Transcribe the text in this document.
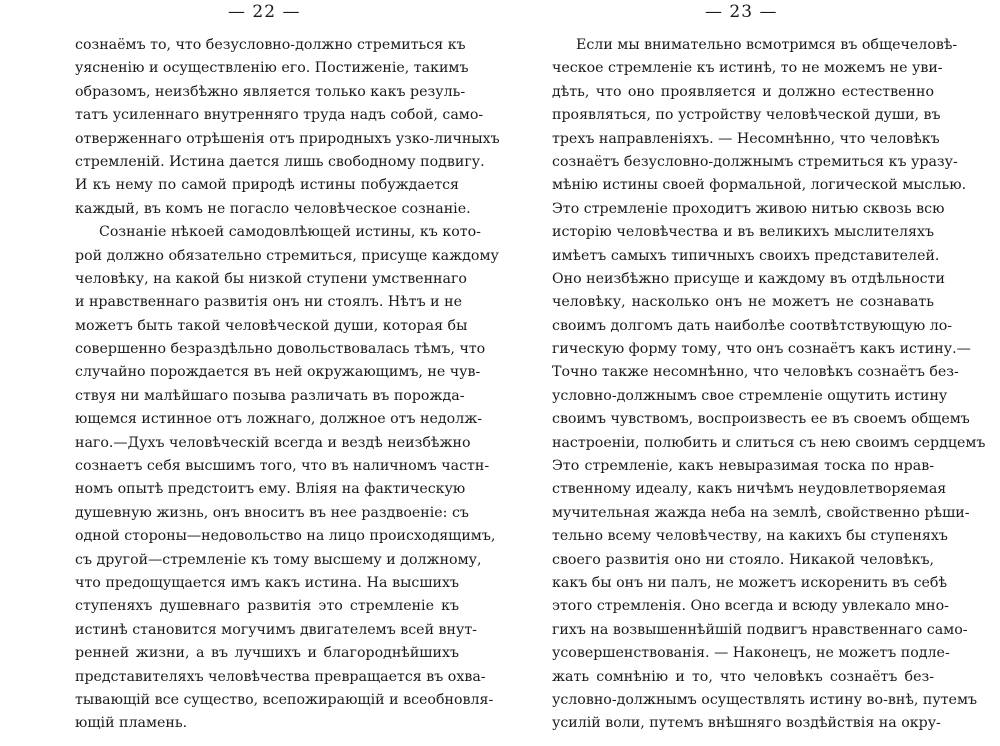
— 22 —
сознаёмъ то, что безусловно-должно стремиться къ
уясненію и осуществленію его. Постиженіе, такимъ
образомъ, неизбѣжно является только какъ резуль-
татъ усиленнаго внутренняго труда надъ собой, само-
отверженнаго отрѣшенія отъ природныхъ узко-личныхъ
стремленій. Истина дается лишь свободному подвигу.
И къ нему по самой природѣ истины побуждается
каждый, въ комъ не погасло человѣческое сознаніе.
Сознаніе нѣкоей самодовлѣющей истины, къ кото-
рой должно обязательно стремиться, присуще каждому
человѣку, на какой бы низкой ступени умственнаго
и нравственнаго развитія онъ ни стоялъ. Нѣтъ и не
можетъ быть такой человѣческой души, которая бы
совершенно безраздѣльно довольствовалась тѣмъ, что
случайно порождается въ ней окружающимъ, не чув-
ствуя ни малѣйшаго позыва различать въ порожда-
ющемся истинное отъ ложнаго, должное отъ недолж-
наго.—Духъ человѣческій всегда и вездѣ неизбѣжно
сознаетъ себя высшимъ того, что въ наличномъ частн-
номъ опытѣ предстоитъ ему. Вліяя на фактическую
душевную жизнь, онъ вноситъ въ нее раздвоеніе: съ
одной стороны—недовольство на лицо происходящимъ,
съ другой—стремленіе къ тому высшему и должному,
что предощущается имъ какъ истина. На высшихъ
ступеняхъ душевнаго развитія это стремленіе къ
истинѣ становится могучимъ двигателемъ всей внут-
ренней жизни, а въ лучшихъ и благороднѣйшихъ
представителяхъ человѣчества превращается въ охва-
тывающій все существо, всепожирающій и всеобновля-
ющій пламень.
— 23 —
Если мы внимательно всмотримся въ общечеловѣ-
ческое стремленіе къ истинѣ, то не можемъ не уви-
дѣть, что оно проявляется и должно естественно
проявляться, по устройству человѣческой души, въ
трехъ направленіяхъ. — Несомнѣнно, что человѣкъ
сознаётъ безусловно-должнымъ стремиться къ уразу-
мѣнію истины своей формальной, логической мыслью.
Это стремленіе проходитъ живою нитью сквозь всю
исторію человѣчества и въ великихъ мыслителяхъ
имѣетъ самыхъ типичныхъ своихъ представителей.
Оно неизбѣжно присуще и каждому въ отдѣльности
человѣку, насколько онъ не можетъ не сознавать
своимъ долгомъ дать наиболѣе соотвѣтствующую ло-
гическую форму тому, что онъ сознаётъ какъ истину.—
Точно также несомнѣнно, что человѣкъ сознаётъ без-
условно-должнымъ свое стремленіе ощутить истину
своимъ чувствомъ, воспроизвесть ее въ своемъ общемъ
настроеніи, полюбить и слиться съ нею своимъ сердцемъ
Это стремленіе, какъ невыразимая тоска по нрав-
ственному идеалу, какъ ничѣмъ неудовлетворяемая
мучительная жажда неба на землѣ, свойственно рѣши-
тельно всему человѣчеству, на какихъ бы ступеняхъ
своего развитія оно ни стояло. Никакой человѣкъ,
какъ бы онъ ни палъ, не можетъ искоренить въ себѣ
этого стремленія. Оно всегда и всюду увлекало мно-
гихъ на возвышеннѣйшій подвигъ нравственнаго само-
усовершенствованія. — Наконецъ, не можетъ подле-
жать сомнѣнію и то, что человѣкъ сознаётъ без-
условно-должнымъ осуществлять истину во-внѣ, путемъ
усилій воли, путемъ внѣшняго воздѣйствія на окру-
